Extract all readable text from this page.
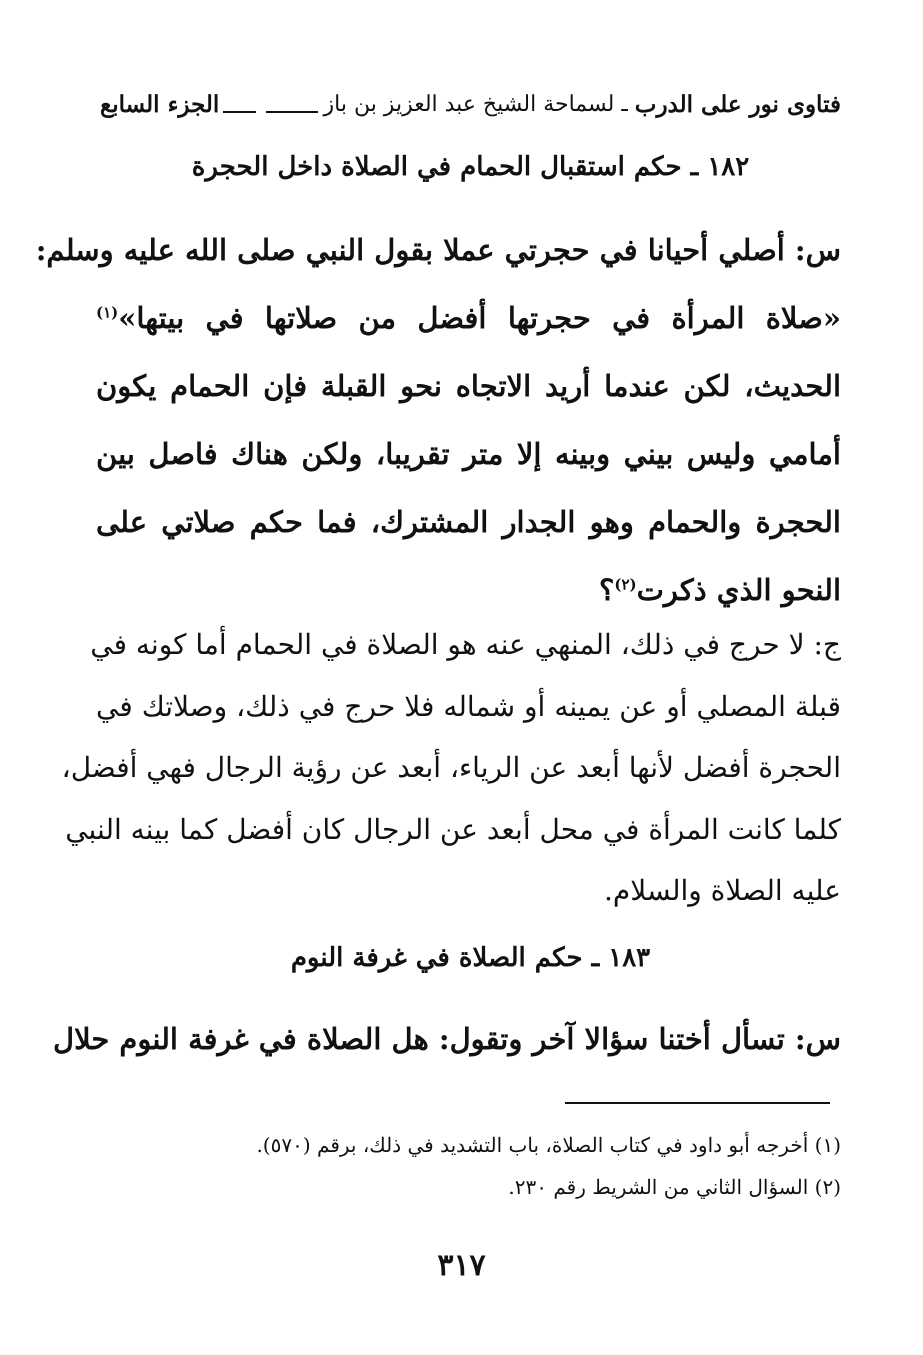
فتاوى نور على الدرب
ـ
لسماحة الشيخ عبد العزيز بن باز
الجزء السابع
١٨٢ ـ حكم استقبال الحمام في الصلاة داخل الحجرة
س: أصلي أحيانا في حجرتي عملا بقول النبي صلى الله عليه وسلم:
«صلاة المرأة في حجرتها أفضل من صلاتها في بيتها»$^{(١)}$
الحديث، لكن عندما أريد الاتجاه نحو القبلة فإن الحمام يكون
أمامي وليس بيني وبينه إلا متر تقريبا، ولكن هناك فاصل بين
الحجرة والحمام وهو الجدار المشترك، فما حكم صلاتي على
النحو الذي ذكرت$^{(٢)}$؟
ج: لا حرج في ذلك، المنهي عنه هو الصلاة في الحمام أما كونه في
قبلة المصلي أو عن يمينه أو شماله فلا حرج في ذلك، وصلاتك في
الحجرة أفضل لأنها أبعد عن الرياء، أبعد عن رؤية الرجال فهي أفضل،
كلما كانت المرأة في محل أبعد عن الرجال كان أفضل كما بينه النبي
عليه الصلاة والسلام.
١٨٣ ـ حكم الصلاة في غرفة النوم
س: تسأل أختنا سؤالا آخر وتقول: هل الصلاة في غرفة النوم حلال
(١) أخرجه أبو داود في كتاب الصلاة، باب التشديد في ذلك، برقم (٥٧٠).
(٢) السؤال الثاني من الشريط رقم ٢٣٠.
٣١٧
